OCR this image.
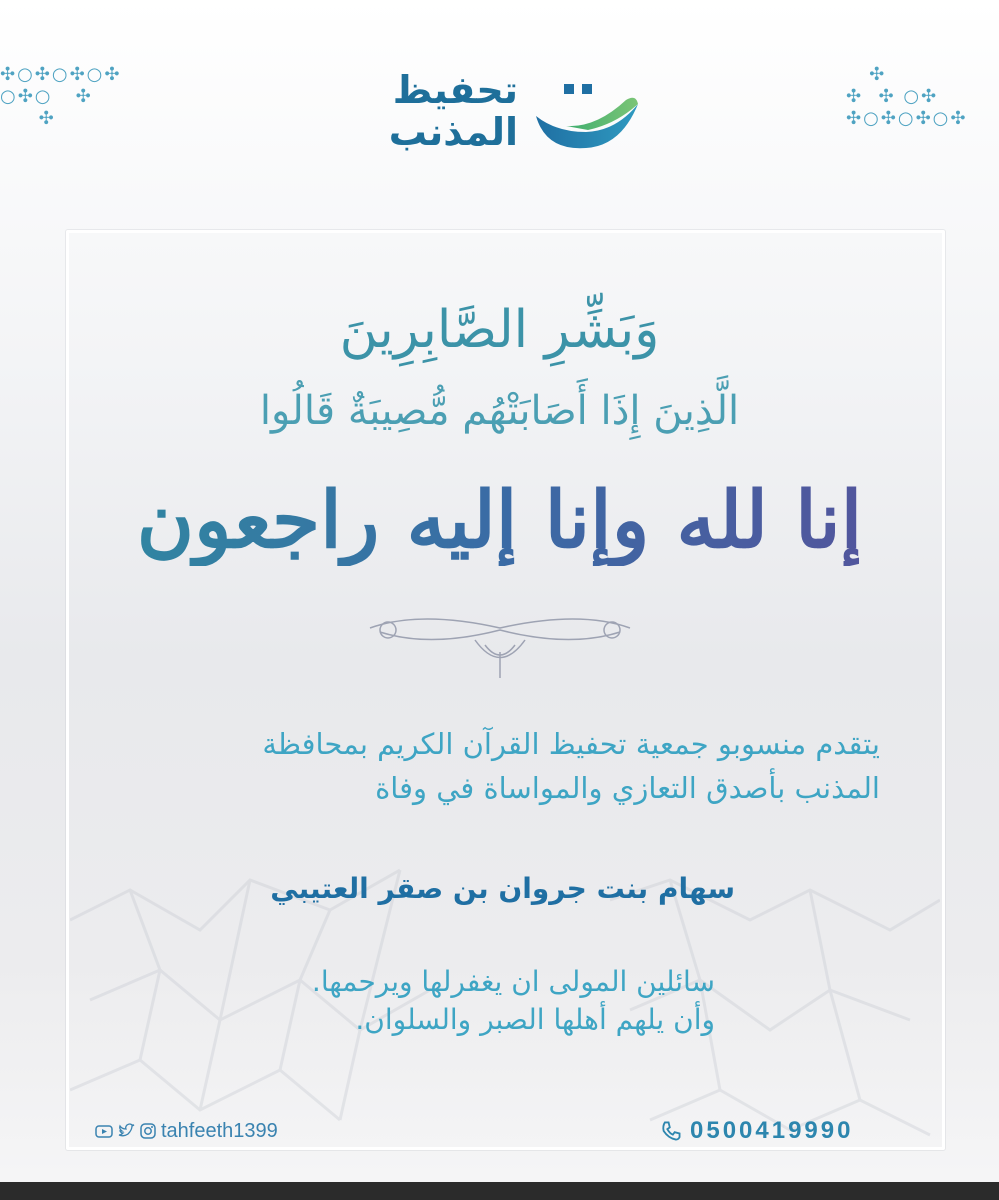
✣○✣○✣○✣
○✣○   ✣
✣
✣
✣  ✣ ○✣
✣○✣○✣○✣
تحفيظ
المذنب
وَبَشِّرِ الصَّابِرِينَ
الَّذِينَ إِذَا أَصَابَتْهُم مُّصِيبَةٌ قَالُوا
إنا لله وإنا إليه راجعون
يتقدم منسوبو جمعية تحفيظ القرآن الكريم بمحافظة
المذنب بأصدق التعازي والمواساة في وفاة
سهام بنت جروان بن صقر العتيبي
سائلين المولى ان يغفرلها ويرحمها.
وأن يلهم أهلها الصبر والسلوان.
tahfeeth1399	0500419990
